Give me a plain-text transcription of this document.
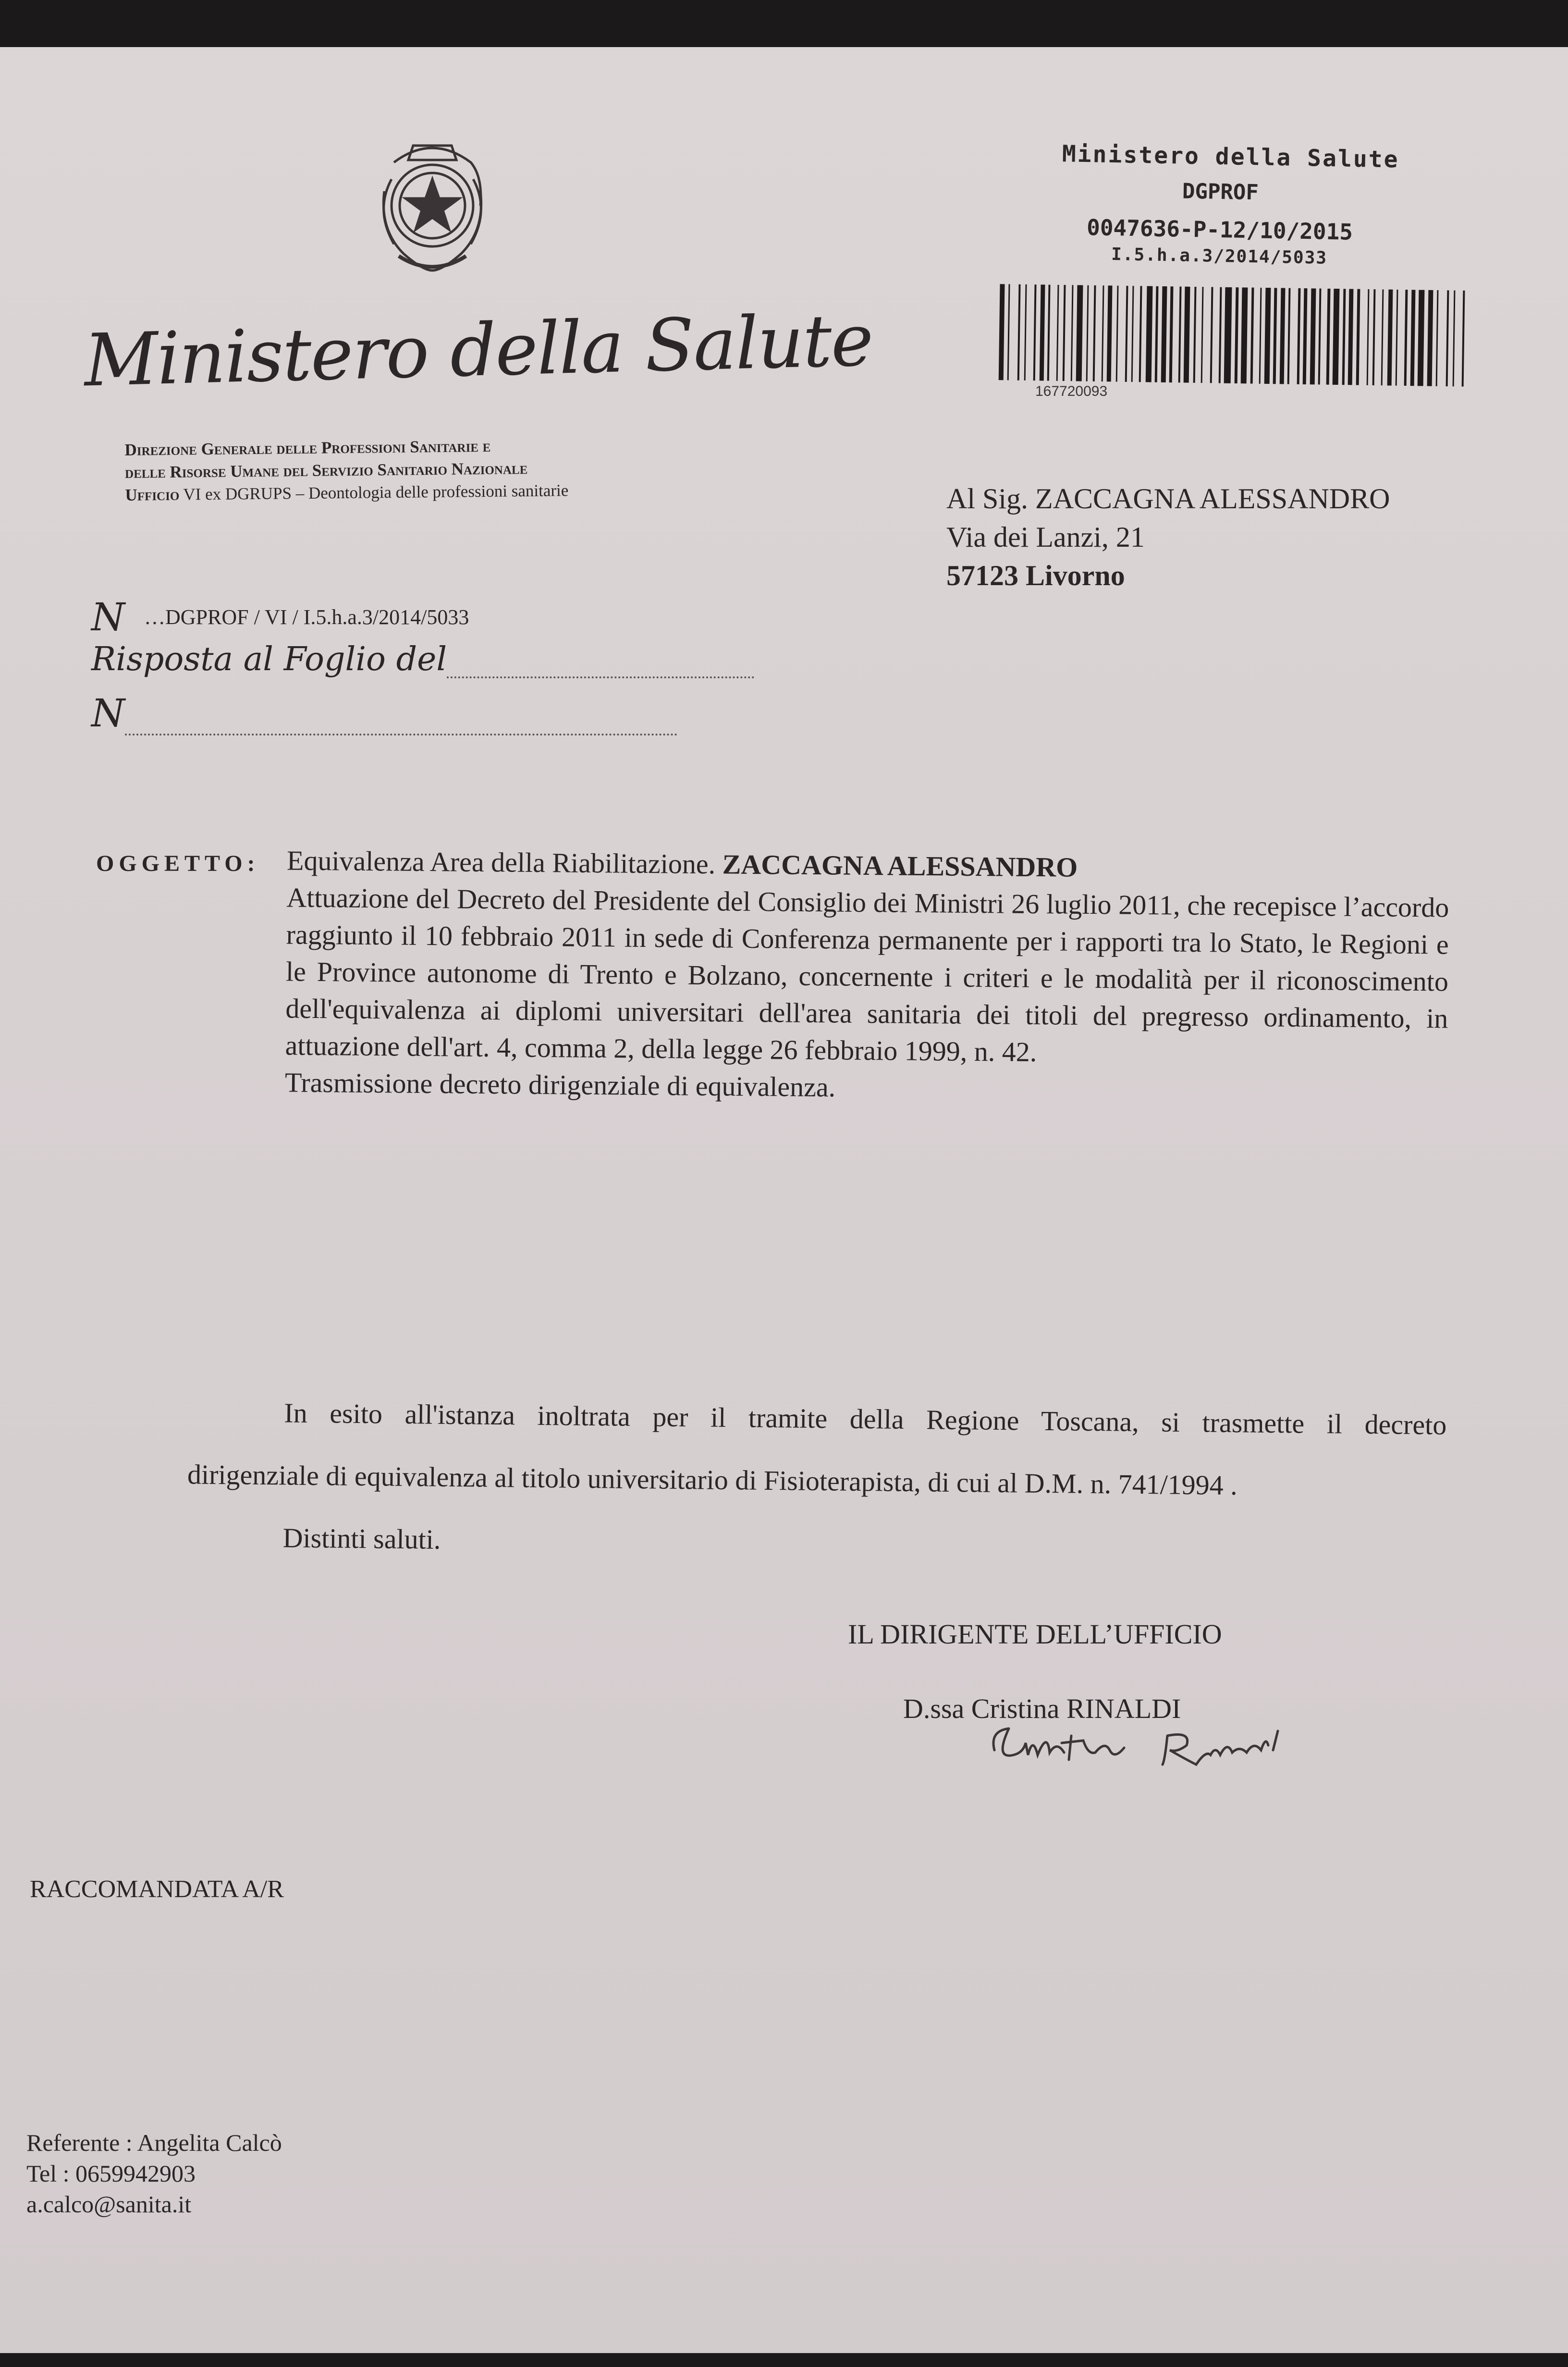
Ministero della Salute
Direzione Generale delle Professioni Sanitarie e
delle Risorse Umane del Servizio Sanitario Nazionale
Ufficio VI ex DGRUPS – Deontologia delle professioni sanitarie
Ministero della Salute
DGPROF
0047636-P-12/10/2015
I.5.h.a.3/2014/5033
167720093
Al Sig. ZACCAGNA ALESSANDRO
Via dei Lanzi, 21
57123 Livorno
N …DGPROF / VI / I.5.h.a.3/2014/5033
Risposta al Foglio del
N
OGGETTO: Equivalenza Area della Riabilitazione. ZACCAGNA ALESSANDRO

Attuazione del Decreto del Presidente del Consiglio dei Ministri 26 luglio 2011, che recepisce l’accordo raggiunto il 10 febbraio 2011 in sede di Conferenza permanente per i rapporti tra lo Stato, le Regioni e le Province autonome di Trento e Bolzano, concernente i criteri e le modalità per il riconoscimento dell'equivalenza ai diplomi universitari dell'area sanitaria dei titoli del pregresso ordinamento, in attuazione dell'art. 4, comma 2, della legge 26 febbraio 1999, n. 42.

Trasmissione decreto dirigenziale di equivalenza.

In esito all'istanza inoltrata per il tramite della Regione Toscana, si trasmette il decreto
dirigenziale di equivalenza al titolo universitario di Fisioterapista, di cui al D.M. n. 741/1994 .
Distinti saluti.
IL DIRIGENTE DELL’UFFICIO
D.ssa Cristina RINALDI
RACCOMANDATA A/R
Referente : Angelita Calcò
Tel : 0659942903
a.calco@sanita.it
